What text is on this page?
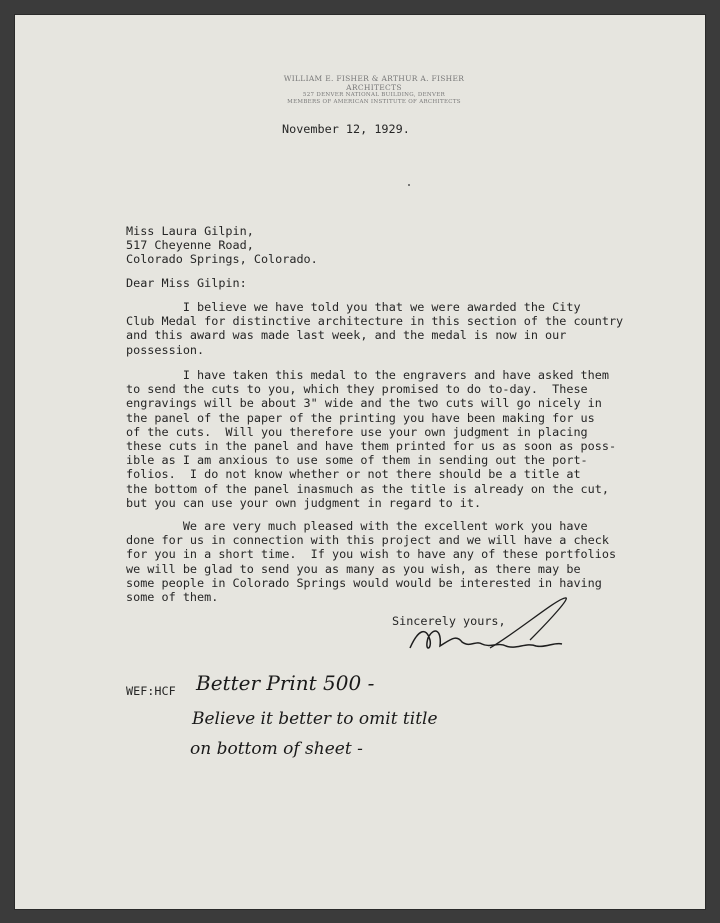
WILLIAM E. FISHER & ARTHUR A. FISHER
ARCHITECTS
527 DENVER NATIONAL BUILDING, DENVER
MEMBERS OF AMERICAN INSTITUTE OF ARCHITECTS
November 12, 1929.
Miss Laura Gilpin,
517 Cheyenne Road,
Colorado Springs, Colorado.
Dear Miss Gilpin:
I believe we have told you that we were awarded the City
Club Medal for distinctive architecture in this section of the country
and this award was made last week, and the medal is now in our
possession.
I have taken this medal to the engravers and have asked them
to send the cuts to you, which they promised to do to-day.  These
engravings will be about 3" wide and the two cuts will go nicely in
the panel of the paper of the printing you have been making for us
of the cuts.  Will you therefore use your own judgment in placing
these cuts in the panel and have them printed for us as soon as poss-
ible as I am anxious to use some of them in sending out the port-
folios.  I do not know whether or not there should be a title at
the bottom of the panel inasmuch as the title is already on the cut,
but you can use your own judgment in regard to it.
We are very much pleased with the excellent work you have
done for us in connection with this project and we will have a check
for you in a short time.  If you wish to have any of these portfolios
we will be glad to send you as many as you wish, as there may be
some people in Colorado Springs would would be interested in having
some of them.
Sincerely yours,
WEF:HCF Better Print 500 -
Believe it better to omit title
on bottom of sheet -
